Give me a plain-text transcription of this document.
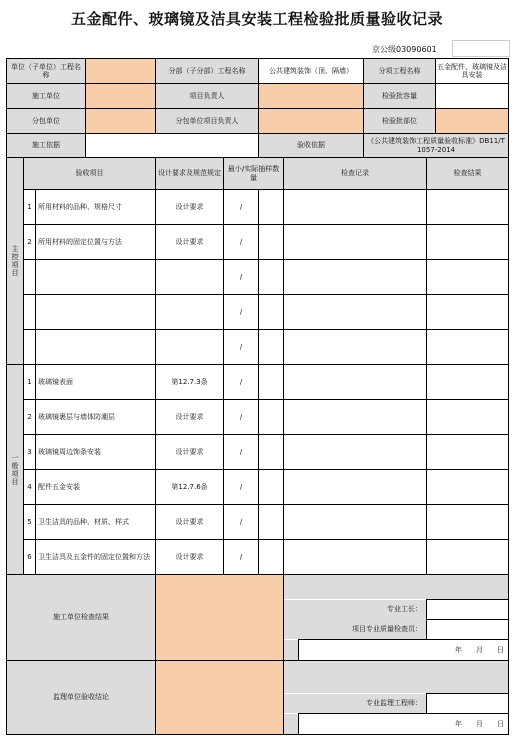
五金配件、玻璃镜及洁具安装工程检验批质量验收记录
京公级03090601
单位（子单位）工程名称				分部（子分部）工程名称		公共建筑装饰（顶、隔墙）			分项工程名称		五金配件、玻璃镜及洁具安装
施工单位				项目负责人					检验批容量		
分包单位				分包单位项目负责人					检验批部位		
施工依据						验收依据			《公共建筑装饰工程质量验收标准》DB11/T 1057-2014		
主控项目	验收项目			设计要求及规范规定	最小/实际抽样数量		检查记录			检查结果	
	1	所用材料的品种、规格尺寸		设计要求	/						
	2	所用材料的固定位置与方法		设计要求	/						
					/						
					/						
					/						
一般项目	1	玻璃镜表面		第12.7.3条	/						
	2	玻璃镜裹层与墙体防潮层		设计要求	/						
	3	玻璃镜周边饰条安装		设计要求	/						
	4	配件五金安装		第12.7.6条	/						
	5	卫生洁具的品种、材质、样式		设计要求	/						
	6	卫生洁具及五金件的固定位置和方法		设计要求	/						
施工单位检查结果											
							专业工长：				
							项目专业质量检查员：				
								年　　月　　日			
监理单位验收结论											
							专业监理工程师：				
								年　　月　　日			
